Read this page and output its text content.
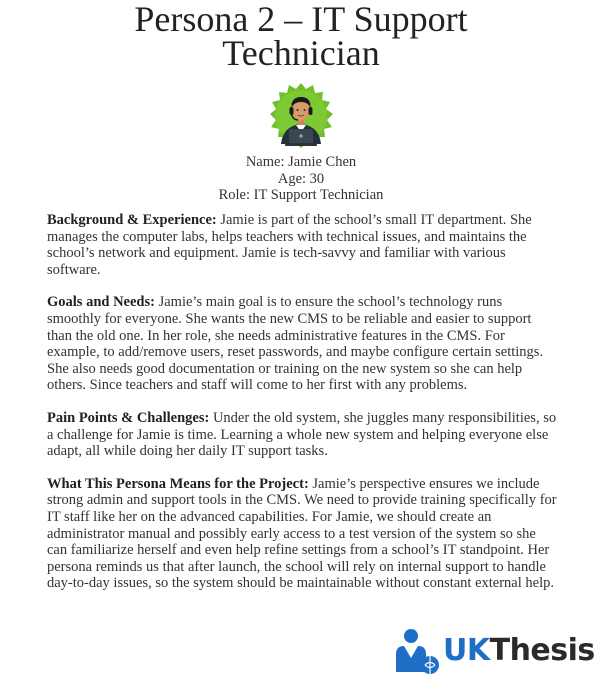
Persona 2 – IT Support
Technician
Name: Jamie Chen
Age: 30
Role: IT Support Technician

Background & Experience: Jamie is part of the school’s small IT department. She manages the computer labs, helps teachers with technical issues, and maintains the school’s network and equipment. Jamie is tech-savvy and familiar with various software.

Goals and Needs: Jamie’s main goal is to ensure the school’s technology runs smoothly for everyone. She wants the new CMS to be reliable and easier to support than the old one. In her role, she needs administrative features in the CMS. For example, to add/remove users, reset passwords, and maybe configure certain settings. She also needs good documentation or training on the new system so she can help others. Since teachers and staff will come to her first with any problems.

Pain Points & Challenges: Under the old system, she juggles many responsibilities, so a challenge for Jamie is time. Learning a whole new system and helping everyone else adapt, all while doing her daily IT support tasks.

What This Persona Means for the Project: Jamie’s perspective ensures we include strong admin and support tools in the CMS. We need to provide training specifically for IT staff like her on the advanced capabilities. For Jamie, we should create an administrator manual and possibly early access to a test version of the system so she can familiarize herself and even help refine settings from a school’s IT standpoint. Her persona reminds us that after launch, the school will rely on internal support to handle day-to-day issues, so the system should be maintainable without constant external help.

UKThesis
